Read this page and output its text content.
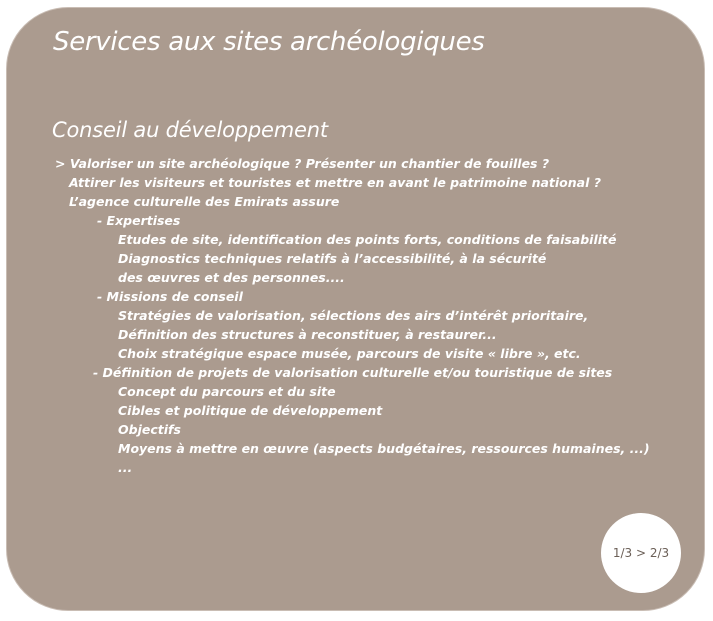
Services aux sites archéologiques
Conseil au développement
> Valoriser un site archéologique ? Présenter un chantier de fouilles ?
Attirer les visiteurs et touristes et mettre en avant le patrimoine national ?
L’agence culturelle des Emirats assure
- Expertises
Etudes de site, identification des points forts, conditions de faisabilité
Diagnostics techniques relatifs à l’accessibilité, à la sécurité
des œuvres et des personnes....
- Missions de conseil
Stratégies de valorisation, sélections des airs d’intérêt prioritaire,
Définition des structures à reconstituer, à restaurer...
Choix stratégique espace musée, parcours de visite « libre », etc.
- Définition de projets de valorisation culturelle et/ou touristique de sites
Concept du parcours et du site
Cibles et politique de développement
Objectifs
Moyens à mettre en œuvre (aspects budgétaires, ressources humaines, ...)
...
1/3 > 2/3
